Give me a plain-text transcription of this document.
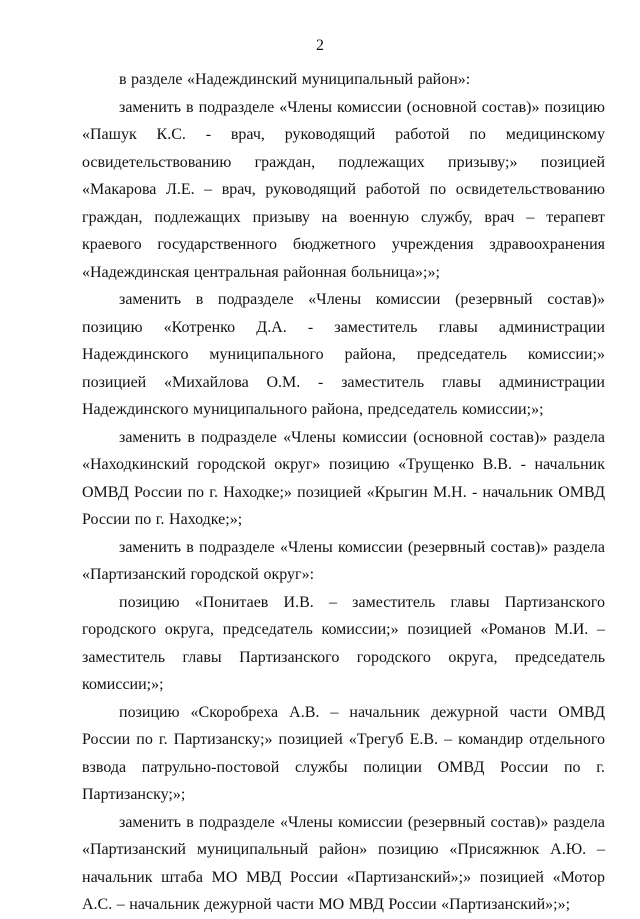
2

в разделе «Надеждинский муниципальный район»:

заменить в подразделе «Члены комиссии (основной состав)» позицию «Пашук К.С. - врач, руководящий работой по медицинскому освидетельствованию граждан, подлежащих призыву;» позицией «Макарова Л.Е. – врач, руководящий работой по освидетельствованию граждан, подлежащих призыву на военную службу, врач – терапевт краевого государственного бюджетного учреждения здравоохранения «Надеждинская центральная районная больница»;»;

заменить в подразделе «Члены комиссии (резервный состав)» позицию «Котренко Д.А. - заместитель главы администрации Надеждинского муниципального района, председатель комиссии;» позицией «Михайлова О.М. - заместитель главы администрации Надеждинского муниципального района, председатель комиссии;»;

заменить в подразделе «Члены комиссии (основной состав)» раздела «Находкинский городской округ» позицию «Трущенко В.В. - начальник ОМВД России по г. Находке;» позицией «Крыгин М.Н. - начальник ОМВД России по г. Находке;»;

заменить в подразделе «Члены комиссии (резервный состав)» раздела «Партизанский городской округ»:

позицию «Понитаев И.В. – заместитель главы Партизанского городского округа, председатель комиссии;» позицией «Романов М.И. – заместитель главы Партизанского городского округа, председатель комиссии;»;

позицию «Скоробреха А.В. – начальник дежурной части ОМВД России по г. Партизанску;» позицией «Трегуб Е.В. – командир отдельного взвода патрульно-постовой службы полиции ОМВД России по г. Партизанску;»;

заменить в подразделе «Члены комиссии (резервный состав)» раздела «Партизанский муниципальный район» позицию «Присяжнюк А.Ю. – начальник штаба МО МВД России «Партизанский»;» позицией «Мотор А.С. – начальник дежурной части МО МВД России «Партизанский»;»;
